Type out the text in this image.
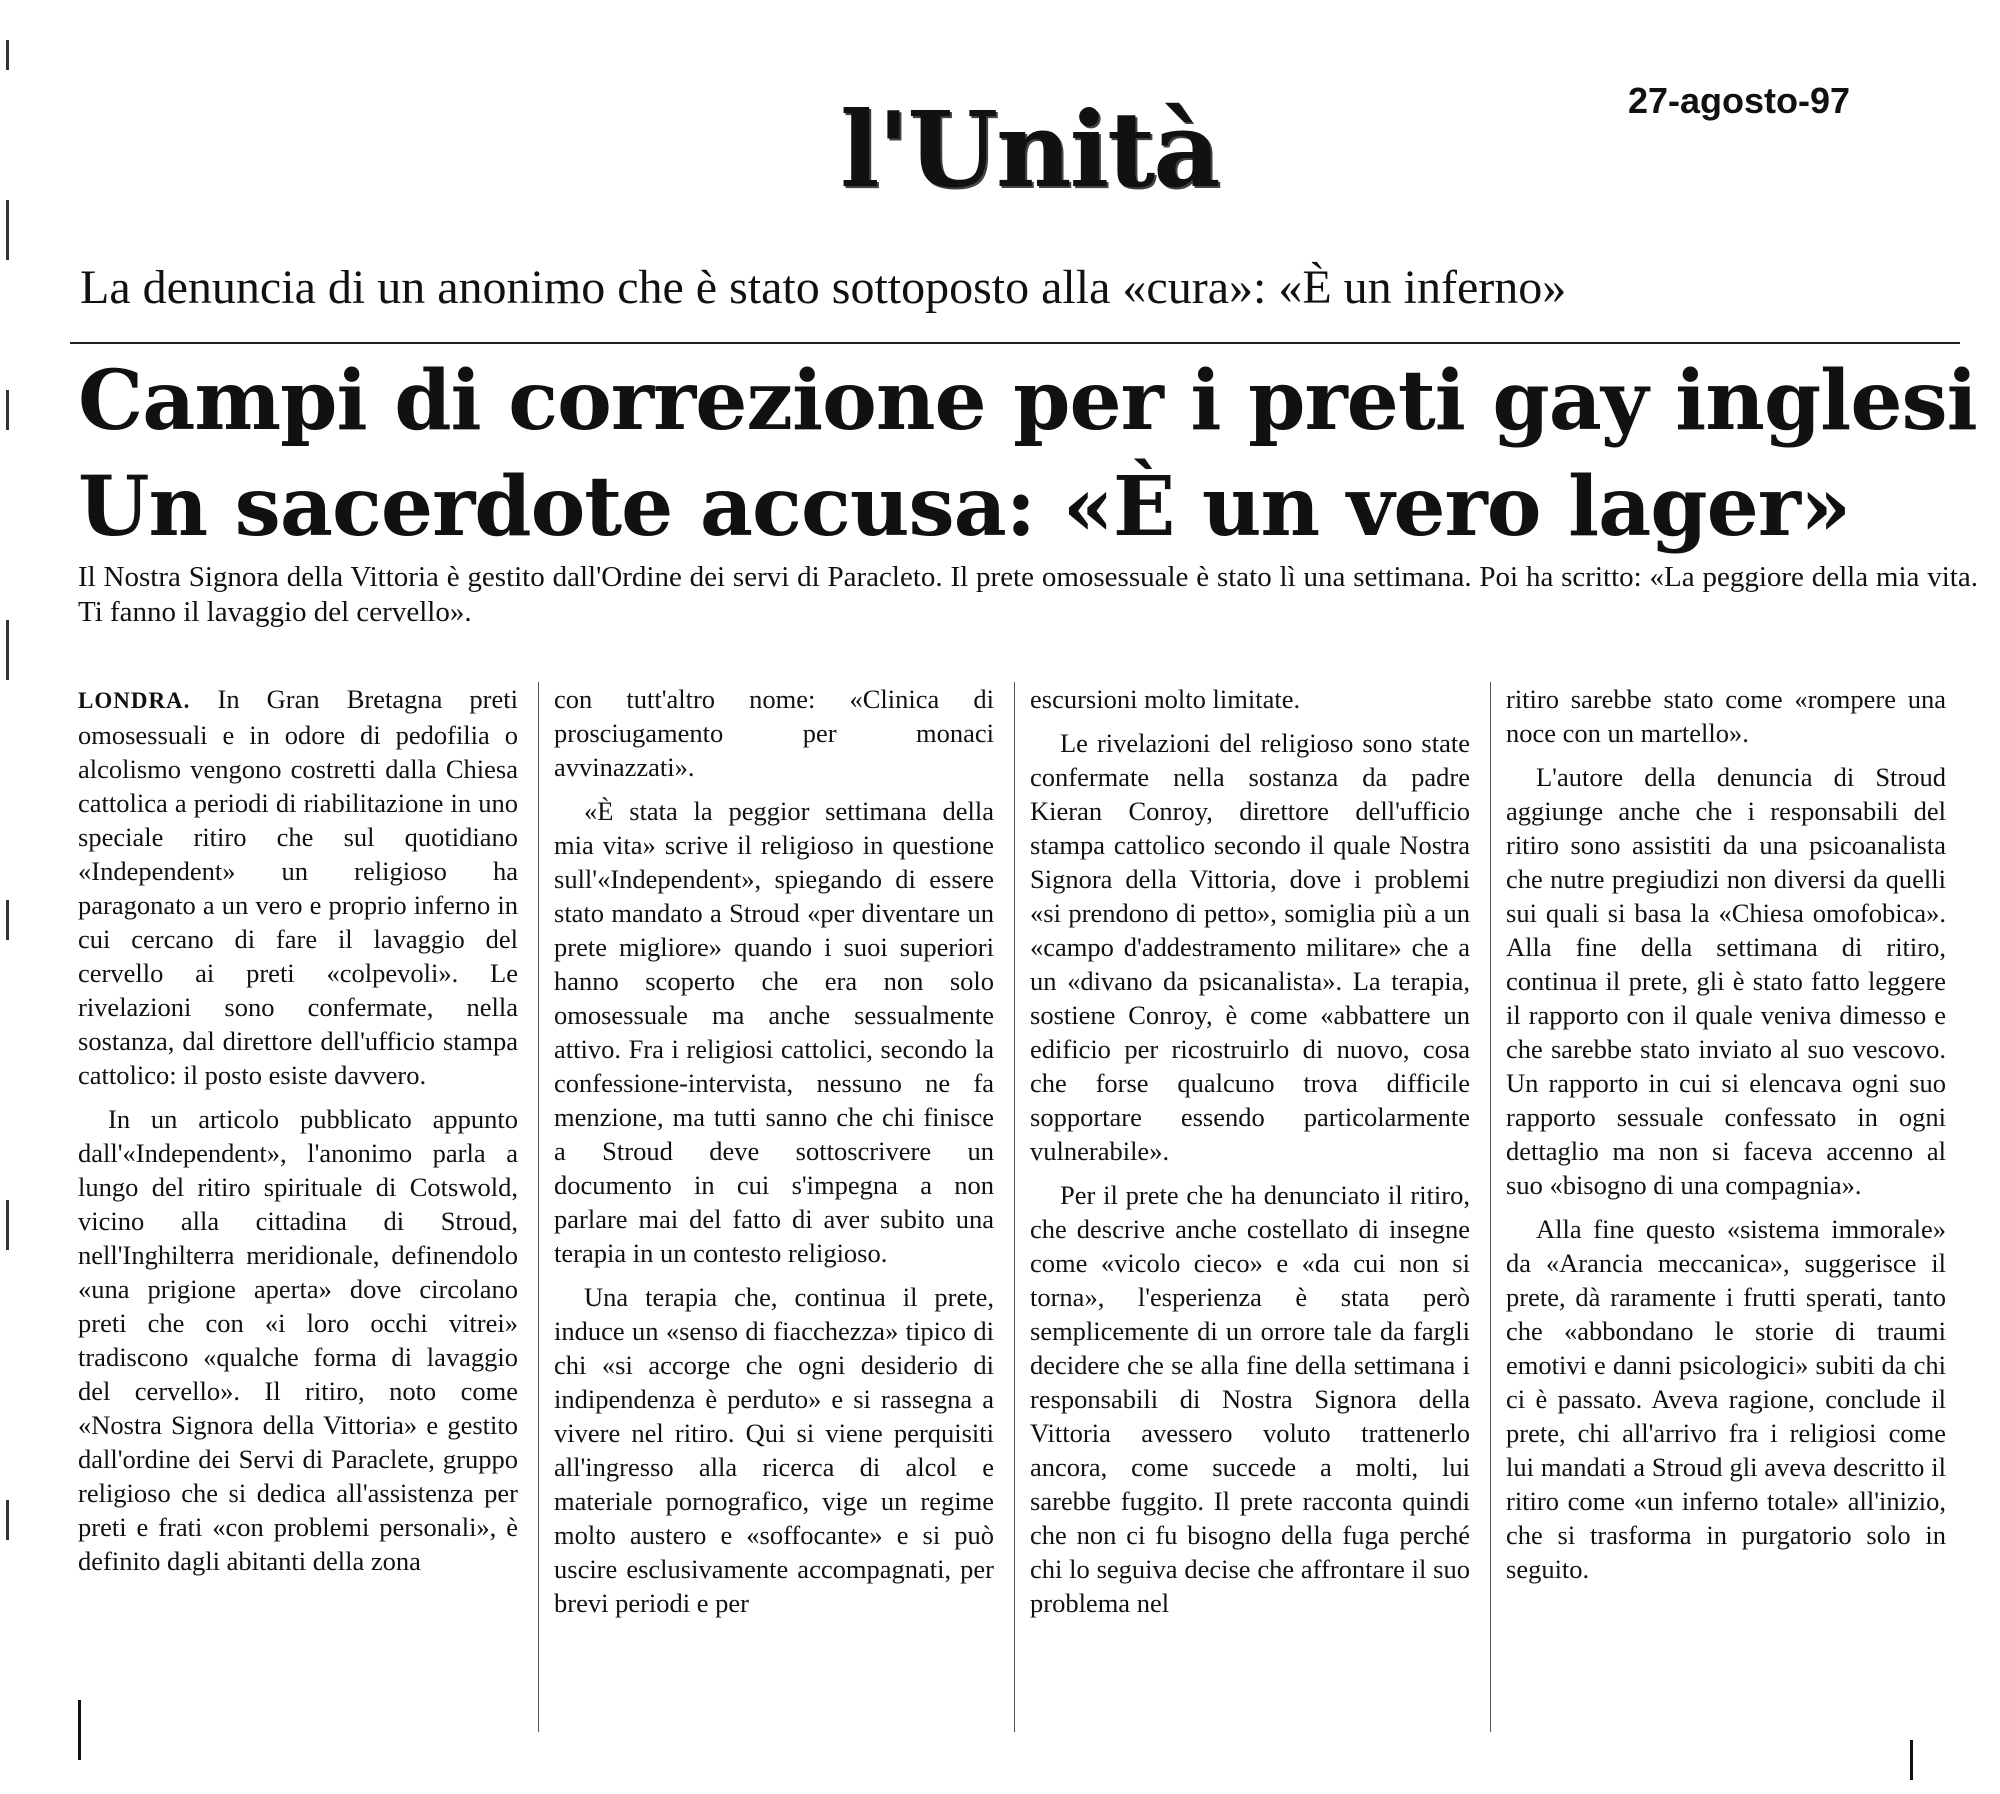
l'Unità	27-agosto-97
La denuncia di un anonimo che è stato sottoposto alla «cura»: «È un inferno»
Campi di correzione per i preti gay inglesi
Un sacerdote accusa: «È un vero lager»

Il Nostra Signora della Vittoria è gestito dall'Ordine dei servi di Paracleto. Il prete omosessuale è stato lì una settimana. Poi ha scritto: «La peggiore della mia vita. Ti fanno il lavaggio del cervello».

LONDRA. In Gran Bretagna preti omosessuali e in odore di pedofilia o alcolismo vengono costretti dalla Chiesa cattolica a periodi di riabilitazione in uno speciale ritiro che sul quotidiano «Independent» un religioso ha paragonato a un vero e proprio inferno in cui cercano di fare il lavaggio del cervello ai preti «colpevoli». Le rivelazioni sono confermate, nella sostanza, dal direttore dell'ufficio stampa cattolico: il posto esiste davvero.

In un articolo pubblicato appunto dall'«Independent», l'anonimo parla a lungo del ritiro spirituale di Cotswold, vicino alla cittadina di Stroud, nell'Inghilterra meridionale, definendolo «una prigione aperta» dove circolano preti che con «i loro occhi vitrei» tradiscono «qualche forma di lavaggio del cervello». Il ritiro, noto come «Nostra Signora della Vittoria» e gestito dall'ordine dei Servi di Paraclete, gruppo religioso che si dedica all'assistenza per preti e frati «con problemi personali», è definito dagli abitanti della zona

con tutt'altro nome: «Clinica di prosciugamento per monaci avvinazzati».

«È stata la peggior settimana della mia vita» scrive il religioso in questione sull'«Independent», spiegando di essere stato mandato a Stroud «per diventare un prete migliore» quando i suoi superiori hanno scoperto che era non solo omosessuale ma anche sessualmente attivo. Fra i religiosi cattolici, secondo la confessione-intervista, nessuno ne fa menzione, ma tutti sanno che chi finisce a Stroud deve sottoscrivere un documento in cui s'impegna a non parlare mai del fatto di aver subito una terapia in un contesto religioso.

Una terapia che, continua il prete, induce un «senso di fiacchezza» tipico di chi «si accorge che ogni desiderio di indipendenza è perduto» e si rassegna a vivere nel ritiro. Qui si viene perquisiti all'ingresso alla ricerca di alcol e materiale pornografico, vige un regime molto austero e «soffocante» e si può uscire esclusivamente accompagnati, per brevi periodi e per

escursioni molto limitate.

Le rivelazioni del religioso sono state confermate nella sostanza da padre Kieran Conroy, direttore dell'ufficio stampa cattolico secondo il quale Nostra Signora della Vittoria, dove i problemi «si prendono di petto», somiglia più a un «campo d'addestramento militare» che a un «divano da psicanalista». La terapia, sostiene Conroy, è come «abbattere un edificio per ricostruirlo di nuovo, cosa che forse qualcuno trova difficile sopportare essendo particolarmente vulnerabile».

Per il prete che ha denunciato il ritiro, che descrive anche costellato di insegne come «vicolo cieco» e «da cui non si torna», l'esperienza è stata però semplicemente di un orrore tale da fargli decidere che se alla fine della settimana i responsabili di Nostra Signora della Vittoria avessero voluto trattenerlo ancora, come succede a molti, lui sarebbe fuggito. Il prete racconta quindi che non ci fu bisogno della fuga perché chi lo seguiva decise che affrontare il suo problema nel

ritiro sarebbe stato come «rompere una noce con un martello».

L'autore della denuncia di Stroud aggiunge anche che i responsabili del ritiro sono assistiti da una psicoanalista che nutre pregiudizi non diversi da quelli sui quali si basa la «Chiesa omofobica». Alla fine della settimana di ritiro, continua il prete, gli è stato fatto leggere il rapporto con il quale veniva dimesso e che sarebbe stato inviato al suo vescovo. Un rapporto in cui si elencava ogni suo rapporto sessuale confessato in ogni dettaglio ma non si faceva accenno al suo «bisogno di una compagnia».

Alla fine questo «sistema immorale» da «Arancia meccanica», suggerisce il prete, dà raramente i frutti sperati, tanto che «abbondano le storie di traumi emotivi e danni psicologici» subiti da chi ci è passato. Aveva ragione, conclude il prete, chi all'arrivo fra i religiosi come lui mandati a Stroud gli aveva descritto il ritiro come «un inferno totale» all'inizio, che si trasforma in purgatorio solo in seguito.
